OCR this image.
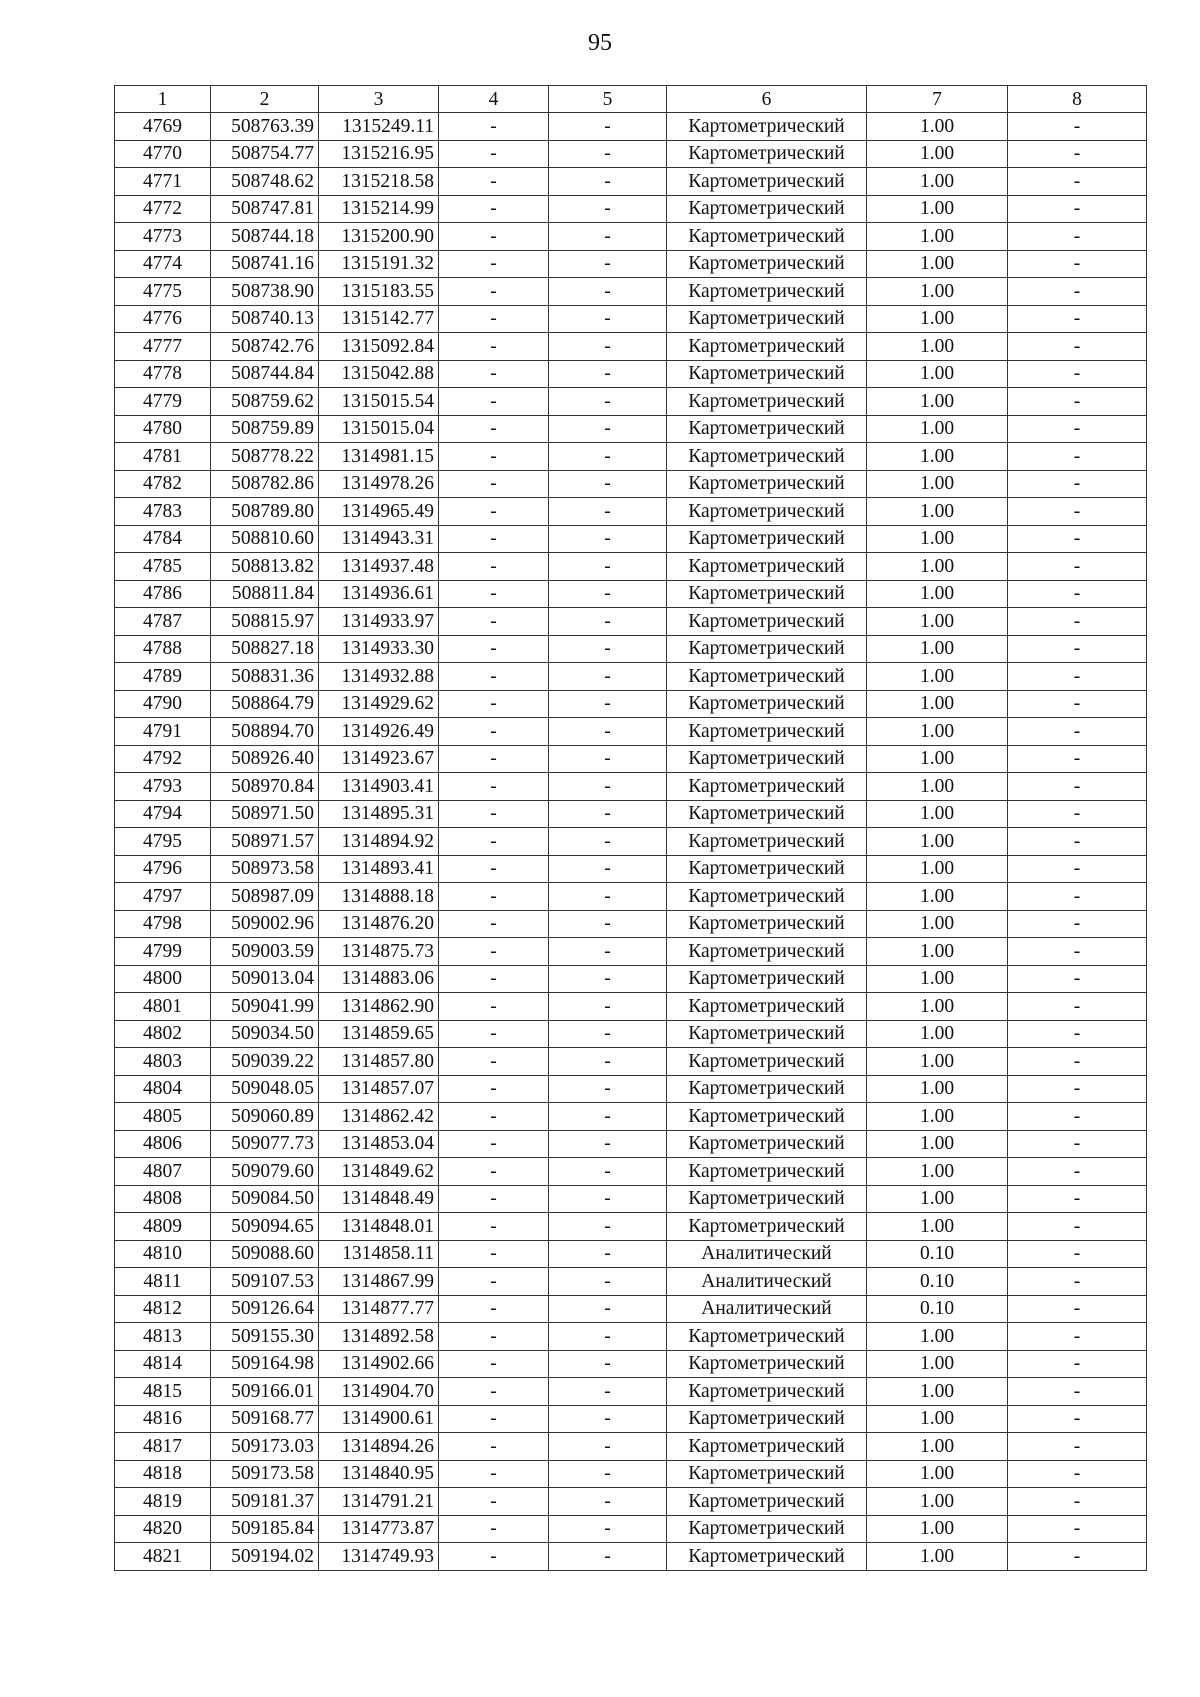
95
1	2	3	4	5	6	7	8
4769	508763.39	1315249.11	-	-	Картометрический	1.00	-
4770	508754.77	1315216.95	-	-	Картометрический	1.00	-
4771	508748.62	1315218.58	-	-	Картометрический	1.00	-
4772	508747.81	1315214.99	-	-	Картометрический	1.00	-
4773	508744.18	1315200.90	-	-	Картометрический	1.00	-
4774	508741.16	1315191.32	-	-	Картометрический	1.00	-
4775	508738.90	1315183.55	-	-	Картометрический	1.00	-
4776	508740.13	1315142.77	-	-	Картометрический	1.00	-
4777	508742.76	1315092.84	-	-	Картометрический	1.00	-
4778	508744.84	1315042.88	-	-	Картометрический	1.00	-
4779	508759.62	1315015.54	-	-	Картометрический	1.00	-
4780	508759.89	1315015.04	-	-	Картометрический	1.00	-
4781	508778.22	1314981.15	-	-	Картометрический	1.00	-
4782	508782.86	1314978.26	-	-	Картометрический	1.00	-
4783	508789.80	1314965.49	-	-	Картометрический	1.00	-
4784	508810.60	1314943.31	-	-	Картометрический	1.00	-
4785	508813.82	1314937.48	-	-	Картометрический	1.00	-
4786	508811.84	1314936.61	-	-	Картометрический	1.00	-
4787	508815.97	1314933.97	-	-	Картометрический	1.00	-
4788	508827.18	1314933.30	-	-	Картометрический	1.00	-
4789	508831.36	1314932.88	-	-	Картометрический	1.00	-
4790	508864.79	1314929.62	-	-	Картометрический	1.00	-
4791	508894.70	1314926.49	-	-	Картометрический	1.00	-
4792	508926.40	1314923.67	-	-	Картометрический	1.00	-
4793	508970.84	1314903.41	-	-	Картометрический	1.00	-
4794	508971.50	1314895.31	-	-	Картометрический	1.00	-
4795	508971.57	1314894.92	-	-	Картометрический	1.00	-
4796	508973.58	1314893.41	-	-	Картометрический	1.00	-
4797	508987.09	1314888.18	-	-	Картометрический	1.00	-
4798	509002.96	1314876.20	-	-	Картометрический	1.00	-
4799	509003.59	1314875.73	-	-	Картометрический	1.00	-
4800	509013.04	1314883.06	-	-	Картометрический	1.00	-
4801	509041.99	1314862.90	-	-	Картометрический	1.00	-
4802	509034.50	1314859.65	-	-	Картометрический	1.00	-
4803	509039.22	1314857.80	-	-	Картометрический	1.00	-
4804	509048.05	1314857.07	-	-	Картометрический	1.00	-
4805	509060.89	1314862.42	-	-	Картометрический	1.00	-
4806	509077.73	1314853.04	-	-	Картометрический	1.00	-
4807	509079.60	1314849.62	-	-	Картометрический	1.00	-
4808	509084.50	1314848.49	-	-	Картометрический	1.00	-
4809	509094.65	1314848.01	-	-	Картометрический	1.00	-
4810	509088.60	1314858.11	-	-	Аналитический	0.10	-
4811	509107.53	1314867.99	-	-	Аналитический	0.10	-
4812	509126.64	1314877.77	-	-	Аналитический	0.10	-
4813	509155.30	1314892.58	-	-	Картометрический	1.00	-
4814	509164.98	1314902.66	-	-	Картометрический	1.00	-
4815	509166.01	1314904.70	-	-	Картометрический	1.00	-
4816	509168.77	1314900.61	-	-	Картометрический	1.00	-
4817	509173.03	1314894.26	-	-	Картометрический	1.00	-
4818	509173.58	1314840.95	-	-	Картометрический	1.00	-
4819	509181.37	1314791.21	-	-	Картометрический	1.00	-
4820	509185.84	1314773.87	-	-	Картометрический	1.00	-
4821	509194.02	1314749.93	-	-	Картометрический	1.00	-
